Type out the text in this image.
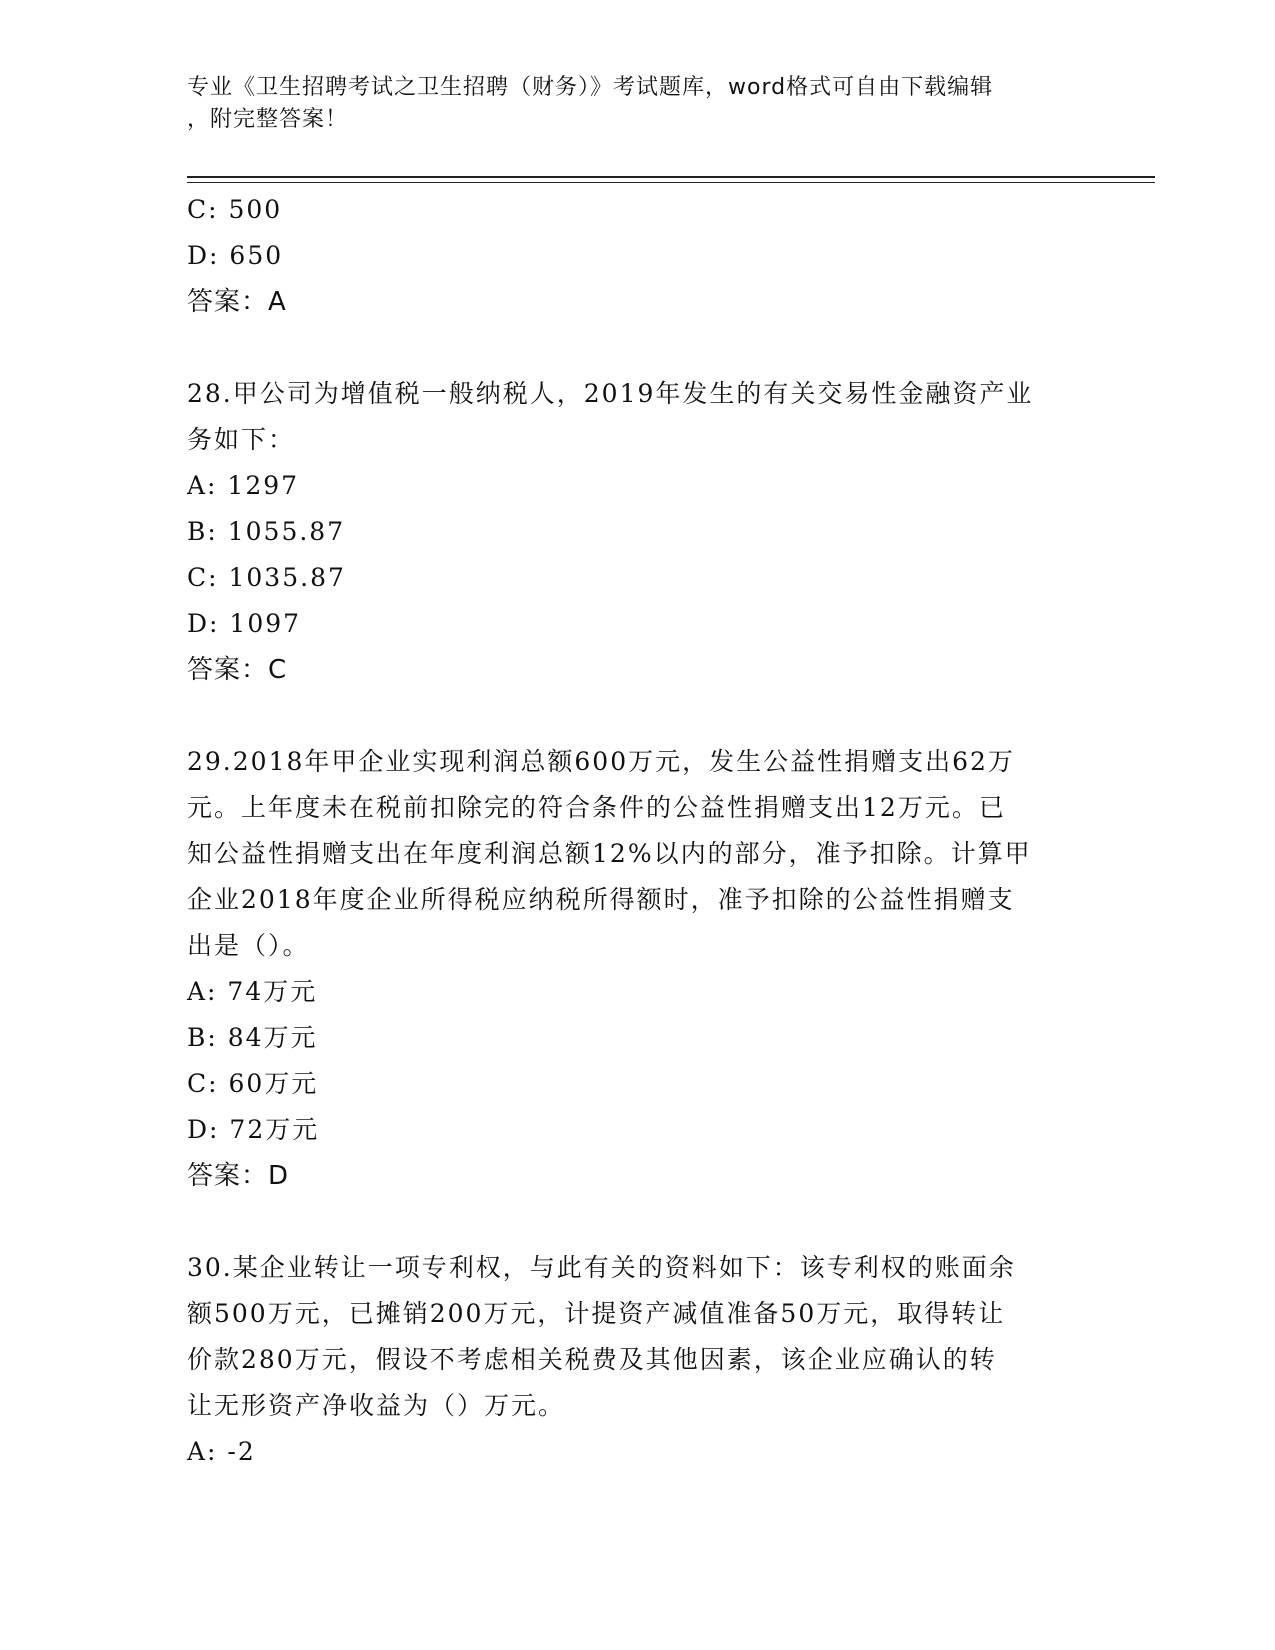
专业《卫生招聘考试之卫生招聘（财务）》考试题库，word格式可自由下载编辑
，附完整答案！
C: 500
D: 650
答案：A
28.甲公司为增值税一般纳税人，2019年发生的有关交易性金融资产业
务如下：
A: 1297
B: 1055.87
C: 1035.87
D: 1097
答案：C
29.2018年甲企业实现利润总额600万元，发生公益性捐赠支出62万
元。上年度未在税前扣除完的符合条件的公益性捐赠支出12万元。已
知公益性捐赠支出在年度利润总额12%以内的部分，准予扣除。计算甲
企业2018年度企业所得税应纳税所得额时，准予扣除的公益性捐赠支
出是（）。
A: 74万元
B: 84万元
C: 60万元
D: 72万元
答案：D
30.某企业转让一项专利权，与此有关的资料如下：该专利权的账面余
额500万元，已摊销200万元，计提资产减值准备50万元，取得转让
价款280万元，假设不考虑相关税费及其他因素，该企业应确认的转
让无形资产净收益为（）万元。
A: -2
